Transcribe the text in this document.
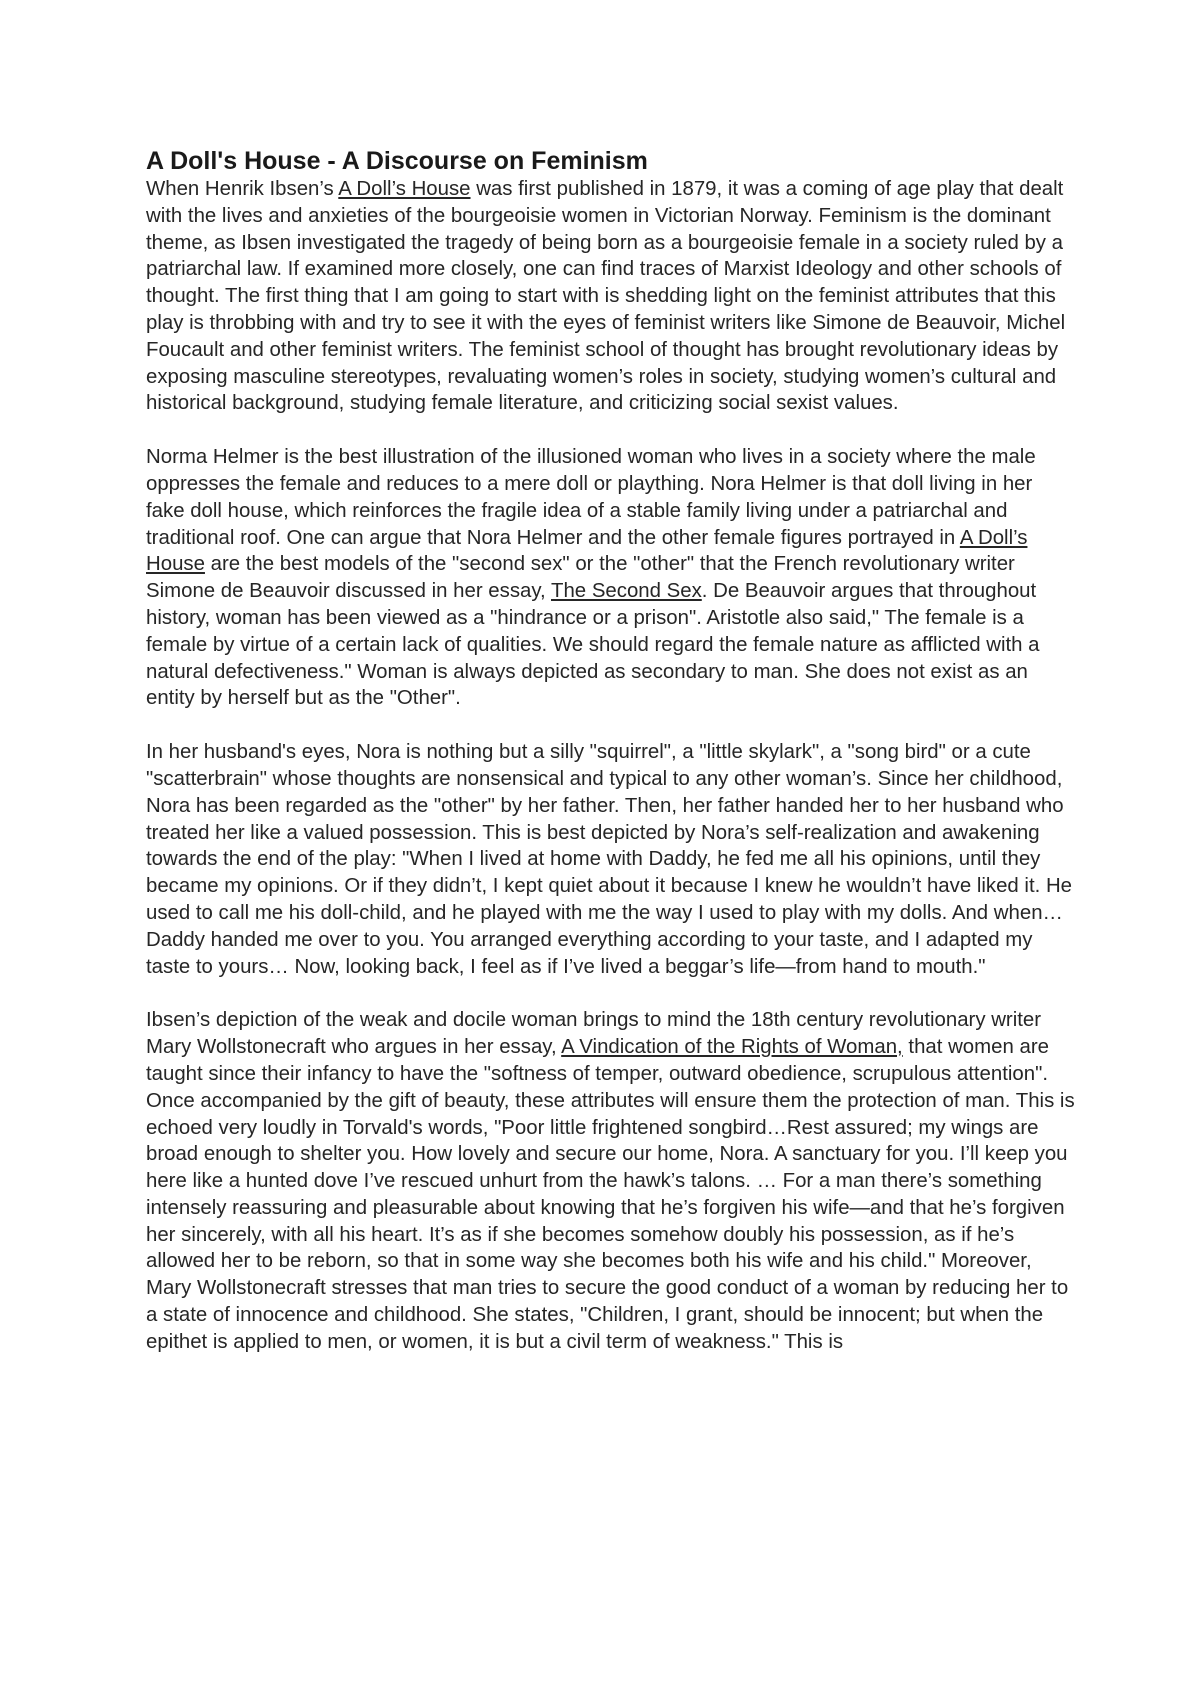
A Doll's House - A Discourse on Feminism

When Henrik Ibsen’s A Doll’s House was first published in 1879, it was a coming of age play that dealt with the lives and anxieties of the bourgeoisie women in Victorian Norway. Feminism is the dominant theme, as Ibsen investigated the tragedy of being born as a bourgeoisie female in a society ruled by a patriarchal law. If examined more closely, one can find traces of Marxist Ideology and other schools of thought. The first thing that I am going to start with is shedding light on the feminist attributes that this play is throbbing with and try to see it with the eyes of feminist writers like Simone de Beauvoir, Michel Foucault and other feminist writers. The feminist school of thought has brought revolutionary ideas by exposing masculine stereotypes, revaluating women’s roles in society, studying women’s cultural and historical background, studying female literature, and criticizing social sexist values.

Norma Helmer is the best illustration of the illusioned woman who lives in a society where the male oppresses the female and reduces to a mere doll or plaything. Nora Helmer is that doll living in her fake doll house, which reinforces the fragile idea of a stable family living under a patriarchal and traditional roof. One can argue that Nora Helmer and the other female figures portrayed in A Doll’s House are the best models of the "second sex" or the "other" that the French revolutionary writer Simone de Beauvoir discussed in her essay, The Second Sex. De Beauvoir argues that throughout history, woman has been viewed as a "hindrance or a prison". Aristotle also said," The female is a female by virtue of a certain lack of qualities. We should regard the female nature as afflicted with a natural defectiveness." Woman is always depicted as secondary to man. She does not exist as an entity by herself but as the "Other".

In her husband's eyes, Nora is nothing but a silly "squirrel", a "little skylark", a "song bird" or a cute "scatterbrain" whose thoughts are nonsensical and typical to any other woman’s. Since her childhood, Nora has been regarded as the "other" by her father. Then, her father handed her to her husband who treated her like a valued possession. This is best depicted by Nora’s self-realization and awakening towards the end of the play: "When I lived at home with Daddy, he fed me all his opinions, until they became my opinions. Or if they didn’t, I kept quiet about it because I knew he wouldn’t have liked it. He used to call me his doll-child, and he played with me the way I used to play with my dolls. And when… Daddy handed me over to you. You arranged everything according to your taste, and I adapted my taste to yours… Now, looking back, I feel as if I’ve lived a beggar’s life—from hand to mouth."

Ibsen’s depiction of the weak and docile woman brings to mind the 18th century revolutionary writer Mary Wollstonecraft who argues in her essay, A Vindication of the Rights of Woman, that women are taught since their infancy to have the "softness of temper, outward obedience, scrupulous attention". Once accompanied by the gift of beauty, these attributes will ensure them the protection of man. This is echoed very loudly in Torvald's words, "Poor little frightened songbird…Rest assured; my wings are broad enough to shelter you. How lovely and secure our home, Nora. A sanctuary for you. I’ll keep you here like a hunted dove I’ve rescued unhurt from the hawk’s talons. … For a man there’s something intensely reassuring and pleasurable about knowing that he’s forgiven his wife—and that he’s forgiven her sincerely, with all his heart. It’s as if she becomes somehow doubly his possession, as if he’s allowed her to be reborn, so that in some way she becomes both his wife and his child." Moreover, Mary Wollstonecraft stresses that man tries to secure the good conduct of a woman by reducing her to a state of innocence and childhood. She states, "Children, I grant, should be innocent; but when the epithet is applied to men, or women, it is but a civil term of weakness." This is
